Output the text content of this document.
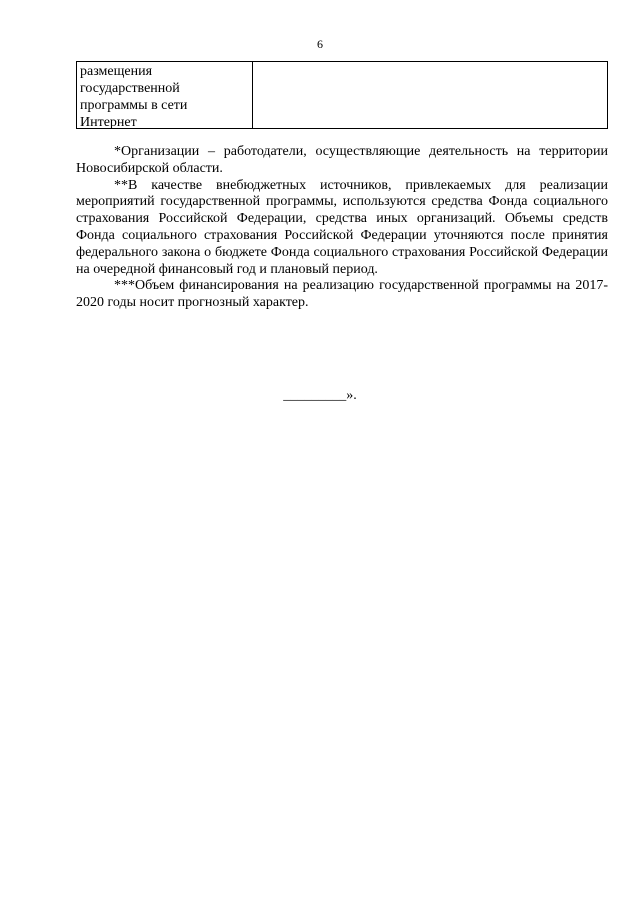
6
размещения
государственной
программы в сети
Интернет

*Организации – работодатели, осуществляющие деятельность на территории Новосибирской области.

**В качестве внебюджетных источников, привлекаемых для реализации мероприятий государственной программы, используются средства Фонда социального страхования Российской Федерации, средства иных организаций. Объемы средств Фонда социального страхования Российской Федерации уточняются после принятия федерального закона о бюджете Фонда социального страхования Российской Федерации на очередной финансовый год и плановый период.

***Объем финансирования на реализацию государственной программы на 2017-2020 годы носит прогнозный характер.

_________».
